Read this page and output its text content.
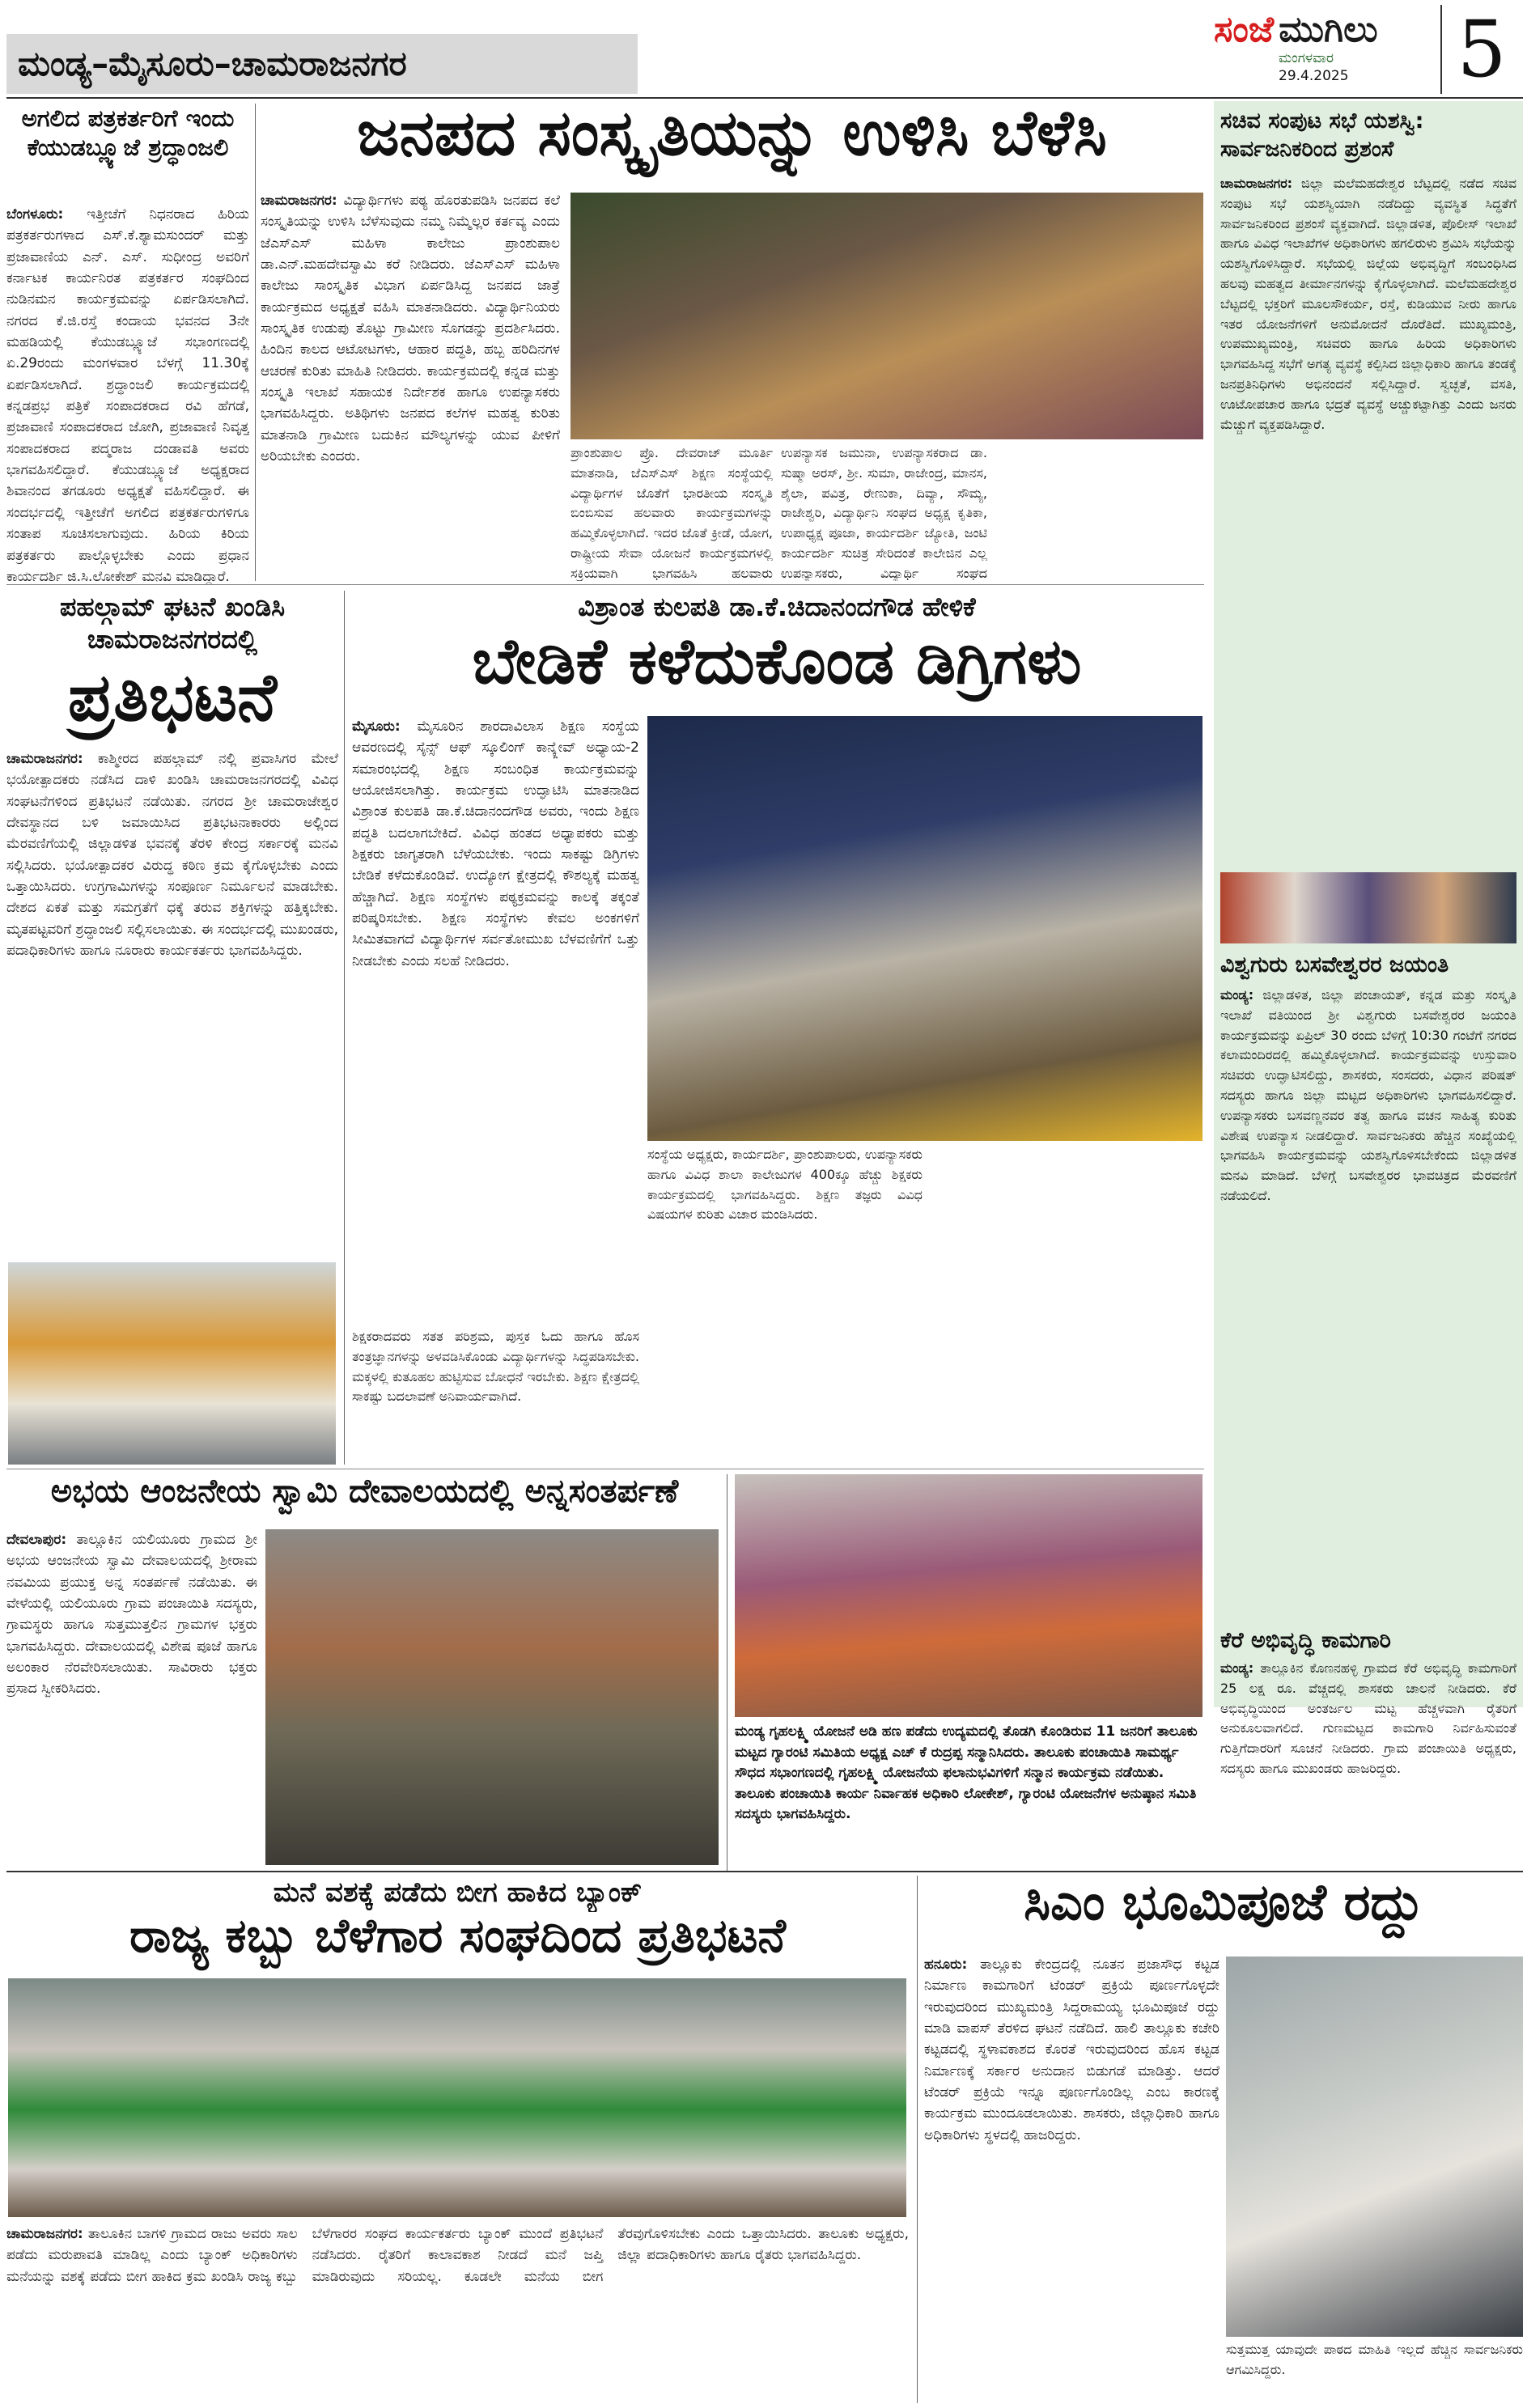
ಮಂಡ್ಯ–ಮೈಸೂರು–ಚಾಮರಾಜನಗರ
ಸಂಜೆ ಮುಗಿಲು
ಮಂಗಳವಾರ
29.4.2025	5
ಅಗಲಿದ ಪತ್ರಕರ್ತರಿಗೆ ಇಂದು ಕೆಯುಡಬ್ಲ್ಯೂಜೆ ಶ್ರದ್ಧಾಂಜಲಿ
ಬೆಂಗಳೂರು: ಇತ್ತೀಚೆಗೆ ನಿಧನರಾದ ಹಿರಿಯ ಪತ್ರಕರ್ತರುಗಳಾದ ಎಸ್.ಕೆ.ಶ್ಯಾಮಸುಂದರ್ ಮತ್ತು ಪ್ರಜಾವಾಣಿಯ ಎನ್. ಎಸ್. ಸುಧೀಂದ್ರ ಅವರಿಗೆ ಕರ್ನಾಟಕ ಕಾರ್ಯನಿರತ ಪತ್ರಕರ್ತರ ಸಂಘದಿಂದ ನುಡಿನಮನ ಕಾರ್ಯಕ್ರಮವನ್ನು ಏರ್ಪಡಿಸಲಾಗಿದೆ. ನಗರದ ಕೆ.ಜಿ.ರಸ್ತೆ ಕಂದಾಯ ಭವನದ 3ನೇ ಮಹಡಿಯಲ್ಲಿ ಕೆಯುಡಬ್ಲ್ಯೂಜೆ ಸಭಾಂಗಣದಲ್ಲಿ ಏ.29ರಂದು ಮಂಗಳವಾರ ಬೆಳಗ್ಗೆ 11.30ಕ್ಕೆ ಏರ್ಪಡಿಸಲಾಗಿದೆ. ಶ್ರದ್ಧಾಂಜಲಿ ಕಾರ್ಯಕ್ರಮದಲ್ಲಿ ಕನ್ನಡಪ್ರಭ ಪತ್ರಿಕೆ ಸಂಪಾದಕರಾದ ರವಿ ಹೆಗಡೆ, ಪ್ರಜಾವಾಣಿ ಸಂಪಾದಕರಾದ ಜೋಗಿ, ಪ್ರಜಾವಾಣಿ ನಿವೃತ್ತ ಸಂಪಾದಕರಾದ ಪದ್ಮರಾಜ ದಂಡಾವತಿ ಅವರು ಭಾಗವಹಿಸಲಿದ್ದಾರೆ. ಕೆಯುಡಬ್ಲ್ಯೂಜೆ ಅಧ್ಯಕ್ಷರಾದ ಶಿವಾನಂದ ತಗಡೂರು ಅಧ್ಯಕ್ಷತೆ ವಹಿಸಲಿದ್ದಾರೆ. ಈ ಸಂದರ್ಭದಲ್ಲಿ ಇತ್ತೀಚೆಗೆ ಅಗಲಿದ ಪತ್ರಕರ್ತರುಗಳಿಗೂ ಸಂತಾಪ ಸೂಚಿಸಲಾಗುವುದು. ಹಿರಿಯ ಕಿರಿಯ ಪತ್ರಕರ್ತರು ಪಾಲ್ಗೊಳ್ಳಬೇಕು ಎಂದು ಪ್ರಧಾನ ಕಾರ್ಯದರ್ಶಿ ಜಿ.ಸಿ.ಲೋಕೇಶ್ ಮನವಿ ಮಾಡಿದ್ದಾರೆ.
ಜನಪದ ಸಂಸ್ಕೃತಿಯನ್ನು ಉಳಿಸಿ ಬೆಳೆಸಿ
ಚಾಮರಾಜನಗರ: ವಿದ್ಯಾರ್ಥಿಗಳು ಪಠ್ಯ ಹೊರತುಪಡಿಸಿ ಜನಪದ ಕಲೆ ಸಂಸ್ಕೃತಿಯನ್ನು ಉಳಿಸಿ ಬೆಳೆಸುವುದು ನಮ್ಮ ನಿಮ್ಮೆಲ್ಲರ ಕರ್ತವ್ಯ ಎಂದು ಜೆಎಸ್‌ಎಸ್ ಮಹಿಳಾ ಕಾಲೇಜು ಪ್ರಾಂಶುಪಾಲ ಡಾ.ಎನ್.ಮಹದೇವಸ್ವಾಮಿ ಕರೆ ನೀಡಿದರು. ಜೆಎಸ್‌ಎಸ್ ಮಹಿಳಾ ಕಾಲೇಜು ಸಾಂಸ್ಕೃತಿಕ ವಿಭಾಗ ಏರ್ಪಡಿಸಿದ್ದ ಜನಪದ ಜಾತ್ರೆ ಕಾರ್ಯಕ್ರಮದ ಅಧ್ಯಕ್ಷತೆ ವಹಿಸಿ ಮಾತನಾಡಿದರು. ವಿದ್ಯಾರ್ಥಿನಿಯರು ಸಾಂಸ್ಕೃತಿಕ ಉಡುಪು ತೊಟ್ಟು ಗ್ರಾಮೀಣ ಸೊಗಡನ್ನು ಪ್ರದರ್ಶಿಸಿದರು. ಹಿಂದಿನ ಕಾಲದ ಆಟೋಟಗಳು, ಆಹಾರ ಪದ್ಧತಿ, ಹಬ್ಬ ಹರಿದಿನಗಳ ಆಚರಣೆ ಕುರಿತು ಮಾಹಿತಿ ನೀಡಿದರು. ಕಾರ್ಯಕ್ರಮದಲ್ಲಿ ಕನ್ನಡ ಮತ್ತು ಸಂಸ್ಕೃತಿ ಇಲಾಖೆ ಸಹಾಯಕ ನಿರ್ದೇಶಕ ಹಾಗೂ ಉಪನ್ಯಾಸಕರು ಭಾಗವಹಿಸಿದ್ದರು. ಅತಿಥಿಗಳು ಜನಪದ ಕಲೆಗಳ ಮಹತ್ವ ಕುರಿತು ಮಾತನಾಡಿ ಗ್ರಾಮೀಣ ಬದುಕಿನ ಮೌಲ್ಯಗಳನ್ನು ಯುವ ಪೀಳಿಗೆ ಅರಿಯಬೇಕು ಎಂದರು.	ಪ್ರಾಂಶುಪಾಲ ಪ್ರೊ. ದೇವರಾಜ್ ಮೂರ್ತಿ ಮಾತನಾಡಿ, ಜೆಎಸ್ಎಸ್ ಶಿಕ್ಷಣ ಸಂಸ್ಥೆಯಲ್ಲಿ ವಿದ್ಯಾರ್ಥಿಗಳ ಜೊತೆಗೆ ಭಾರತೀಯ ಸಂಸ್ಕೃತಿ ಬಿಂಬಿಸುವ ಹಲವಾರು ಕಾರ್ಯಕ್ರಮಗಳನ್ನು ಹಮ್ಮಿಕೊಳ್ಳಲಾಗಿದೆ. ಇದರ ಜೊತೆ ಕ್ರೀಡೆ, ಯೋಗ, ರಾಷ್ಟ್ರೀಯ ಸೇವಾ ಯೋಜನೆ ಕಾರ್ಯಕ್ರಮಗಳಲ್ಲಿ ಸಕ್ರಿಯವಾಗಿ ಭಾಗವಹಿಸಿ ಹಲವಾರು
ಉಪನ್ಯಾಸಕ ಜಮುನಾ, ಉಪನ್ಯಾಸಕರಾದ ಡಾ. ಸುಷ್ಮಾ ಅರಸ್, ಶ್ರೀ. ಸುಮಾ, ರಾಜೇಂದ್ರ, ಮಾನಸ, ಶೈಲಾ, ಪವಿತ್ರ, ರೇಣುಕಾ, ದಿವ್ಯಾ, ಸೌಮ್ಯ, ರಾಜೇಶ್ವರಿ, ವಿದ್ಯಾರ್ಥಿನಿ ಸಂಘದ ಅಧ್ಯಕ್ಷ ಕೃತಿಕಾ, ಉಪಾಧ್ಯಕ್ಷ ಪೂಜಾ, ಕಾರ್ಯದರ್ಶಿ ಜ್ಯೋತಿ, ಜಂಟಿ ಕಾರ್ಯದರ್ಶಿ ಸುಚಿತ್ರ ಸೇರಿದಂತೆ ಕಾಲೇಜಿನ ಎಲ್ಲ ಉಪನ್ಯಾಸಕರು, ವಿದ್ಯಾರ್ಥಿ ಸಂಘದ
ಪಹಲ್ಗಾಮ್ ಘಟನೆ ಖಂಡಿಸಿ ಚಾಮರಾಜನಗರದಲ್ಲಿ
ಪ್ರತಿಭಟನೆ
ಚಾಮರಾಜನಗರ: ಕಾಶ್ಮೀರದ ಪಹಲ್ಗಾಮ್ ನಲ್ಲಿ ಪ್ರವಾಸಿಗರ ಮೇಲೆ ಭಯೋತ್ಪಾದಕರು ನಡೆಸಿದ ದಾಳಿ ಖಂಡಿಸಿ ಚಾಮರಾಜನಗರದಲ್ಲಿ ವಿವಿಧ ಸಂಘಟನೆಗಳಿಂದ ಪ್ರತಿಭಟನೆ ನಡೆಯಿತು. ನಗರದ ಶ್ರೀ ಚಾಮರಾಜೇಶ್ವರ ದೇವಸ್ಥಾನದ ಬಳಿ ಜಮಾಯಿಸಿದ ಪ್ರತಿಭಟನಾಕಾರರು ಅಲ್ಲಿಂದ ಮೆರವಣಿಗೆಯಲ್ಲಿ ಜಿಲ್ಲಾಡಳಿತ ಭವನಕ್ಕೆ ತೆರಳಿ ಕೇಂದ್ರ ಸರ್ಕಾರಕ್ಕೆ ಮನವಿ ಸಲ್ಲಿಸಿದರು. ಭಯೋತ್ಪಾದಕರ ವಿರುದ್ಧ ಕಠಿಣ ಕ್ರಮ ಕೈಗೊಳ್ಳಬೇಕು ಎಂದು ಒತ್ತಾಯಿಸಿದರು. ಉಗ್ರಗಾಮಿಗಳನ್ನು ಸಂಪೂರ್ಣ ನಿರ್ಮೂಲನೆ ಮಾಡಬೇಕು. ದೇಶದ ಏಕತೆ ಮತ್ತು ಸಮಗ್ರತೆಗೆ ಧಕ್ಕೆ ತರುವ ಶಕ್ತಿಗಳನ್ನು ಹತ್ತಿಕ್ಕಬೇಕು. ಮೃತಪಟ್ಟವರಿಗೆ ಶ್ರದ್ಧಾಂಜಲಿ ಸಲ್ಲಿಸಲಾಯಿತು. ಈ ಸಂದರ್ಭದಲ್ಲಿ ಮುಖಂಡರು, ಪದಾಧಿಕಾರಿಗಳು ಹಾಗೂ ನೂರಾರು ಕಾರ್ಯಕರ್ತರು ಭಾಗವಹಿಸಿದ್ದರು.
ವಿಶ್ರಾಂತ ಕುಲಪತಿ ಡಾ.ಕೆ.ಚಿದಾನಂದಗೌಡ ಹೇಳಿಕೆ
ಬೇಡಿಕೆ ಕಳೆದುಕೊಂಡ ಡಿಗ್ರಿಗಳು
ಮೈಸೂರು: ಮೈಸೂರಿನ ಶಾರದಾವಿಲಾಸ ಶಿಕ್ಷಣ ಸಂಸ್ಥೆಯ ಆವರಣದಲ್ಲಿ ಸೈನ್ಸ್ ಆಫ್ ಸ್ಕೂಲಿಂಗ್ ಕಾನ್ಕ್ಲೇವ್ ಅಧ್ಯಾಯ-2 ಸಮಾರಂಭದಲ್ಲಿ ಶಿಕ್ಷಣ ಸಂಬಂಧಿತ ಕಾರ್ಯಕ್ರಮವನ್ನು ಆಯೋಜಿಸಲಾಗಿತ್ತು. ಕಾರ್ಯಕ್ರಮ ಉದ್ಘಾಟಿಸಿ ಮಾತನಾಡಿದ ವಿಶ್ರಾಂತ ಕುಲಪತಿ ಡಾ.ಕೆ.ಚಿದಾನಂದಗೌಡ ಅವರು, ಇಂದು ಶಿಕ್ಷಣ ಪದ್ಧತಿ ಬದಲಾಗಬೇಕಿದೆ. ವಿವಿಧ ಹಂತದ ಅಧ್ಯಾಪಕರು ಮತ್ತು ಶಿಕ್ಷಕರು ಜಾಗೃತರಾಗಿ ಬೆಳೆಯಬೇಕು. ಇಂದು ಸಾಕಷ್ಟು ಡಿಗ್ರಿಗಳು ಬೇಡಿಕೆ ಕಳೆದುಕೊಂಡಿವೆ. ಉದ್ಯೋಗ ಕ್ಷೇತ್ರದಲ್ಲಿ ಕೌಶಲ್ಯಕ್ಕೆ ಮಹತ್ವ ಹೆಚ್ಚಾಗಿದೆ. ಶಿಕ್ಷಣ ಸಂಸ್ಥೆಗಳು ಪಠ್ಯಕ್ರಮವನ್ನು ಕಾಲಕ್ಕೆ ತಕ್ಕಂತೆ ಪರಿಷ್ಕರಿಸಬೇಕು. ಶಿಕ್ಷಣ ಸಂಸ್ಥೆಗಳು ಕೇವಲ ಅಂಕಗಳಿಗೆ ಸೀಮಿತವಾಗದೆ ವಿದ್ಯಾರ್ಥಿಗಳ ಸರ್ವತೋಮುಖ ಬೆಳವಣಿಗೆಗೆ ಒತ್ತು ನೀಡಬೇಕು ಎಂದು ಸಲಹೆ ನೀಡಿದರು.
ಶಿಕ್ಷಕರಾದವರು ಸತತ ಪರಿಶ್ರಮ, ಪುಸ್ತಕ ಓದು ಹಾಗೂ ಹೊಸ ತಂತ್ರಜ್ಞಾನಗಳನ್ನು ಅಳವಡಿಸಿಕೊಂಡು ವಿದ್ಯಾರ್ಥಿಗಳನ್ನು ಸಿದ್ಧಪಡಿಸಬೇಕು. ಮಕ್ಕಳಲ್ಲಿ ಕುತೂಹಲ ಹುಟ್ಟಿಸುವ ಬೋಧನೆ ಇರಬೇಕು. ಶಿಕ್ಷಣ ಕ್ಷೇತ್ರದಲ್ಲಿ ಸಾಕಷ್ಟು ಬದಲಾವಣೆ ಅನಿವಾರ್ಯವಾಗಿದೆ.
ಸಂಸ್ಥೆಯ ಅಧ್ಯಕ್ಷರು, ಕಾರ್ಯದರ್ಶಿ, ಪ್ರಾಂಶುಪಾಲರು, ಉಪನ್ಯಾಸಕರು ಹಾಗೂ ವಿವಿಧ ಶಾಲಾ ಕಾಲೇಜುಗಳ 400ಕ್ಕೂ ಹೆಚ್ಚು ಶಿಕ್ಷಕರು ಕಾರ್ಯಕ್ರಮದಲ್ಲಿ ಭಾಗವಹಿಸಿದ್ದರು. ಶಿಕ್ಷಣ ತಜ್ಞರು ವಿವಿಧ ವಿಷಯಗಳ ಕುರಿತು ವಿಚಾರ ಮಂಡಿಸಿದರು.
ಅಭಯ ಆಂಜನೇಯ ಸ್ವಾಮಿ ದೇವಾಲಯದಲ್ಲಿ ಅನ್ನಸಂತರ್ಪಣೆ
ದೇವಲಾಪುರ: ತಾಲ್ಲೂಕಿನ ಯಲಿಯೂರು ಗ್ರಾಮದ ಶ್ರೀ ಅಭಯ ಆಂಜನೇಯ ಸ್ವಾಮಿ ದೇವಾಲಯದಲ್ಲಿ ಶ್ರೀರಾಮ ನವಮಿಯ ಪ್ರಯುಕ್ತ ಅನ್ನ ಸಂತರ್ಪಣೆ ನಡೆಯಿತು. ಈ ವೇಳೆಯಲ್ಲಿ ಯಲಿಯೂರು ಗ್ರಾಮ ಪಂಚಾಯಿತಿ ಸದಸ್ಯರು, ಗ್ರಾಮಸ್ಥರು ಹಾಗೂ ಸುತ್ತಮುತ್ತಲಿನ ಗ್ರಾಮಗಳ ಭಕ್ತರು ಭಾಗವಹಿಸಿದ್ದರು. ದೇವಾಲಯದಲ್ಲಿ ವಿಶೇಷ ಪೂಜೆ ಹಾಗೂ ಅಲಂಕಾರ ನೆರವೇರಿಸಲಾಯಿತು. ಸಾವಿರಾರು ಭಕ್ತರು ಪ್ರಸಾದ ಸ್ವೀಕರಿಸಿದರು.
ಮಂಡ್ಯ ಗೃಹಲಕ್ಷ್ಮಿ ಯೋಜನೆ ಅಡಿ ಹಣ ಪಡೆದು ಉದ್ಯಮದಲ್ಲಿ ತೊಡಗಿ ಕೊಂಡಿರುವ 11 ಜನರಿಗೆ ತಾಲೂಕು ಮಟ್ಟದ ಗ್ಯಾರಂಟಿ ಸಮಿತಿಯ ಅಧ್ಯಕ್ಷ ಎಚ್ ಕೆ ರುದ್ರಪ್ಪ ಸನ್ಮಾನಿಸಿದರು. ತಾಲೂಕು ಪಂಚಾಯಿತಿ ಸಾಮರ್ಥ್ಯ ಸೌಧದ ಸಭಾಂಗಣದಲ್ಲಿ ಗೃಹಲಕ್ಷ್ಮಿ ಯೋಜನೆಯ ಫಲಾನುಭವಿಗಳಿಗೆ ಸನ್ಮಾನ ಕಾರ್ಯಕ್ರಮ ನಡೆಯಿತು. ತಾಲೂಕು ಪಂಚಾಯಿತಿ ಕಾರ್ಯ ನಿರ್ವಾಹಕ ಅಧಿಕಾರಿ ಲೋಕೇಶ್, ಗ್ಯಾರಂಟಿ ಯೋಜನೆಗಳ ಅನುಷ್ಠಾನ ಸಮಿತಿ ಸದಸ್ಯರು ಭಾಗವಹಿಸಿದ್ದರು.
ಸಚಿವ ಸಂಪುಟ ಸಭೆ ಯಶಸ್ವಿ: ಸಾರ್ವಜನಿಕರಿಂದ ಪ್ರಶಂಸೆ
ಚಾಮರಾಜನಗರ: ಜಿಲ್ಲಾ ಮಲೆಮಹದೇಶ್ವರ ಬೆಟ್ಟದಲ್ಲಿ ನಡೆದ ಸಚಿವ ಸಂಪುಟ ಸಭೆ ಯಶಸ್ವಿಯಾಗಿ ನಡೆದಿದ್ದು ವ್ಯವಸ್ಥಿತ ಸಿದ್ಧತೆಗೆ ಸಾರ್ವಜನಿಕರಿಂದ ಪ್ರಶಂಸೆ ವ್ಯಕ್ತವಾಗಿದೆ. ಜಿಲ್ಲಾಡಳಿತ, ಪೊಲೀಸ್ ಇಲಾಖೆ ಹಾಗೂ ವಿವಿಧ ಇಲಾಖೆಗಳ ಅಧಿಕಾರಿಗಳು ಹಗಲಿರುಳು ಶ್ರಮಿಸಿ ಸಭೆಯನ್ನು ಯಶಸ್ವಿಗೊಳಿಸಿದ್ದಾರೆ. ಸಭೆಯಲ್ಲಿ ಜಿಲ್ಲೆಯ ಅಭಿವೃದ್ಧಿಗೆ ಸಂಬಂಧಿಸಿದ ಹಲವು ಮಹತ್ವದ ತೀರ್ಮಾನಗಳನ್ನು ಕೈಗೊಳ್ಳಲಾಗಿದೆ. ಮಲೆಮಹದೇಶ್ವರ ಬೆಟ್ಟದಲ್ಲಿ ಭಕ್ತರಿಗೆ ಮೂಲಸೌಕರ್ಯ, ರಸ್ತೆ, ಕುಡಿಯುವ ನೀರು ಹಾಗೂ ಇತರ ಯೋಜನೆಗಳಿಗೆ ಅನುಮೋದನೆ ದೊರೆತಿದೆ. ಮುಖ್ಯಮಂತ್ರಿ, ಉಪಮುಖ್ಯಮಂತ್ರಿ, ಸಚಿವರು ಹಾಗೂ ಹಿರಿಯ ಅಧಿಕಾರಿಗಳು ಭಾಗವಹಿಸಿದ್ದ ಸಭೆಗೆ ಅಗತ್ಯ ವ್ಯವಸ್ಥೆ ಕಲ್ಪಿಸಿದ ಜಿಲ್ಲಾಧಿಕಾರಿ ಹಾಗೂ ತಂಡಕ್ಕೆ ಜನಪ್ರತಿನಿಧಿಗಳು ಅಭಿನಂದನೆ ಸಲ್ಲಿಸಿದ್ದಾರೆ. ಸ್ವಚ್ಛತೆ, ವಸತಿ, ಊಟೋಪಚಾರ ಹಾಗೂ ಭದ್ರತೆ ವ್ಯವಸ್ಥೆ ಅಚ್ಚುಕಟ್ಟಾಗಿತ್ತು ಎಂದು ಜನರು ಮೆಚ್ಚುಗೆ ವ್ಯಕ್ತಪಡಿಸಿದ್ದಾರೆ.
ವಿಶ್ವಗುರು ಬಸವೇಶ್ವರರ ಜಯಂತಿ
ಮಂಡ್ಯ: ಜಿಲ್ಲಾಡಳಿತ, ಜಿಲ್ಲಾ ಪಂಚಾಯತ್, ಕನ್ನಡ ಮತ್ತು ಸಂಸ್ಕೃತಿ ಇಲಾಖೆ ವತಿಯಿಂದ ಶ್ರೀ ವಿಶ್ವಗುರು ಬಸವೇಶ್ವರರ ಜಯಂತಿ ಕಾರ್ಯಕ್ರಮವನ್ನು ಏಪ್ರಿಲ್ 30 ರಂದು ಬೆಳಿಗ್ಗೆ 10:30 ಗಂಟೆಗೆ ನಗರದ ಕಲಾಮಂದಿರದಲ್ಲಿ ಹಮ್ಮಿಕೊಳ್ಳಲಾಗಿದೆ. ಕಾರ್ಯಕ್ರಮವನ್ನು ಉಸ್ತುವಾರಿ ಸಚಿವರು ಉದ್ಘಾಟಿಸಲಿದ್ದು, ಶಾಸಕರು, ಸಂಸದರು, ವಿಧಾನ ಪರಿಷತ್ ಸದಸ್ಯರು ಹಾಗೂ ಜಿಲ್ಲಾ ಮಟ್ಟದ ಅಧಿಕಾರಿಗಳು ಭಾಗವಹಿಸಲಿದ್ದಾರೆ. ಉಪನ್ಯಾಸಕರು ಬಸವಣ್ಣನವರ ತತ್ವ ಹಾಗೂ ವಚನ ಸಾಹಿತ್ಯ ಕುರಿತು ವಿಶೇಷ ಉಪನ್ಯಾಸ ನೀಡಲಿದ್ದಾರೆ. ಸಾರ್ವಜನಿಕರು ಹೆಚ್ಚಿನ ಸಂಖ್ಯೆಯಲ್ಲಿ ಭಾಗವಹಿಸಿ ಕಾರ್ಯಕ್ರಮವನ್ನು ಯಶಸ್ವಿಗೊಳಿಸಬೇಕೆಂದು ಜಿಲ್ಲಾಡಳಿತ ಮನವಿ ಮಾಡಿದೆ. ಬೆಳಿಗ್ಗೆ ಬಸವೇಶ್ವರರ ಭಾವಚಿತ್ರದ ಮೆರವಣಿಗೆ ನಡೆಯಲಿದೆ.
ಕೆರೆ ಅಭಿವೃದ್ಧಿ ಕಾಮಗಾರಿ
ಮಂಡ್ಯ: ತಾಲ್ಲೂಕಿನ ಕೊಣನಹಳ್ಳಿ ಗ್ರಾಮದ ಕೆರೆ ಅಭಿವೃದ್ಧಿ ಕಾಮಗಾರಿಗೆ 25 ಲಕ್ಷ ರೂ. ವೆಚ್ಚದಲ್ಲಿ ಶಾಸಕರು ಚಾಲನೆ ನೀಡಿದರು. ಕೆರೆ ಅಭಿವೃದ್ಧಿಯಿಂದ ಅಂತರ್ಜಲ ಮಟ್ಟ ಹೆಚ್ಚಳವಾಗಿ ರೈತರಿಗೆ ಅನುಕೂಲವಾಗಲಿದೆ. ಗುಣಮಟ್ಟದ ಕಾಮಗಾರಿ ನಿರ್ವಹಿಸುವಂತೆ ಗುತ್ತಿಗೆದಾರರಿಗೆ ಸೂಚನೆ ನೀಡಿದರು. ಗ್ರಾಮ ಪಂಚಾಯಿತಿ ಅಧ್ಯಕ್ಷರು, ಸದಸ್ಯರು ಹಾಗೂ ಮುಖಂಡರು ಹಾಜರಿದ್ದರು.
ಮನೆ ವಶಕ್ಕೆ ಪಡೆದು ಬೀಗ ಹಾಕಿದ ಬ್ಯಾಂಕ್
ರಾಜ್ಯ ಕಬ್ಬು ಬೆಳೆಗಾರ ಸಂಘದಿಂದ ಪ್ರತಿಭಟನೆ
ಚಾಮರಾಜನಗರ: ತಾಲೂಕಿನ ಬಾಗಳಿ ಗ್ರಾಮದ ರಾಜು ಅವರು ಸಾಲ ಪಡೆದು ಮರುಪಾವತಿ ಮಾಡಿಲ್ಲ ಎಂದು ಬ್ಯಾಂಕ್ ಅಧಿಕಾರಿಗಳು ಮನೆಯನ್ನು ವಶಕ್ಕೆ ಪಡೆದು ಬೀಗ ಹಾಕಿದ ಕ್ರಮ ಖಂಡಿಸಿ ರಾಜ್ಯ ಕಬ್ಬು ಬೆಳೆಗಾರರ ಸಂಘದ ಕಾರ್ಯಕರ್ತರು ಬ್ಯಾಂಕ್ ಮುಂದೆ ಪ್ರತಿಭಟನೆ ನಡೆಸಿದರು. ರೈತರಿಗೆ ಕಾಲಾವಕಾಶ ನೀಡದೆ ಮನೆ ಜಪ್ತಿ ಮಾಡಿರುವುದು ಸರಿಯಲ್ಲ. ಕೂಡಲೇ ಮನೆಯ ಬೀಗ ತೆರವುಗೊಳಿಸಬೇಕು ಎಂದು ಒತ್ತಾಯಿಸಿದರು. ತಾಲೂಕು ಅಧ್ಯಕ್ಷರು, ಜಿಲ್ಲಾ ಪದಾಧಿಕಾರಿಗಳು ಹಾಗೂ ರೈತರು ಭಾಗವಹಿಸಿದ್ದರು.
ಸಿಎಂ ಭೂಮಿಪೂಜೆ ರದ್ದು
ಹನೂರು: ತಾಲ್ಲೂಕು ಕೇಂದ್ರದಲ್ಲಿ ನೂತನ ಪ್ರಜಾಸೌಧ ಕಟ್ಟಡ ನಿರ್ಮಾಣ ಕಾಮಗಾರಿಗೆ ಟೆಂಡರ್ ಪ್ರಕ್ರಿಯೆ ಪೂರ್ಣಗೊಳ್ಳದೇ ಇರುವುದರಿಂದ ಮುಖ್ಯಮಂತ್ರಿ ಸಿದ್ದರಾಮಯ್ಯ ಭೂಮಿಪೂಜೆ ರದ್ದು ಮಾಡಿ ವಾಪಸ್ ತೆರಳಿದ ಘಟನೆ ನಡೆದಿದೆ. ಹಾಲಿ ತಾಲ್ಲೂಕು ಕಚೇರಿ ಕಟ್ಟಡದಲ್ಲಿ ಸ್ಥಳಾವಕಾಶದ ಕೊರತೆ ಇರುವುದರಿಂದ ಹೊಸ ಕಟ್ಟಡ ನಿರ್ಮಾಣಕ್ಕೆ ಸರ್ಕಾರ ಅನುದಾನ ಬಿಡುಗಡೆ ಮಾಡಿತ್ತು. ಆದರೆ ಟೆಂಡರ್ ಪ್ರಕ್ರಿಯೆ ಇನ್ನೂ ಪೂರ್ಣಗೊಂಡಿಲ್ಲ ಎಂಬ ಕಾರಣಕ್ಕೆ ಕಾರ್ಯಕ್ರಮ ಮುಂದೂಡಲಾಯಿತು. ಶಾಸಕರು, ಜಿಲ್ಲಾಧಿಕಾರಿ ಹಾಗೂ ಅಧಿಕಾರಿಗಳು ಸ್ಥಳದಲ್ಲಿ ಹಾಜರಿದ್ದರು.
ಸುತ್ತಮುತ್ತ ಯಾವುದೇ ಪಾಠದ ಮಾಹಿತಿ ಇಲ್ಲದೆ ಹೆಚ್ಚಿನ ಸಾರ್ವಜನಿಕರು ಆಗಮಿಸಿದ್ದರು.
